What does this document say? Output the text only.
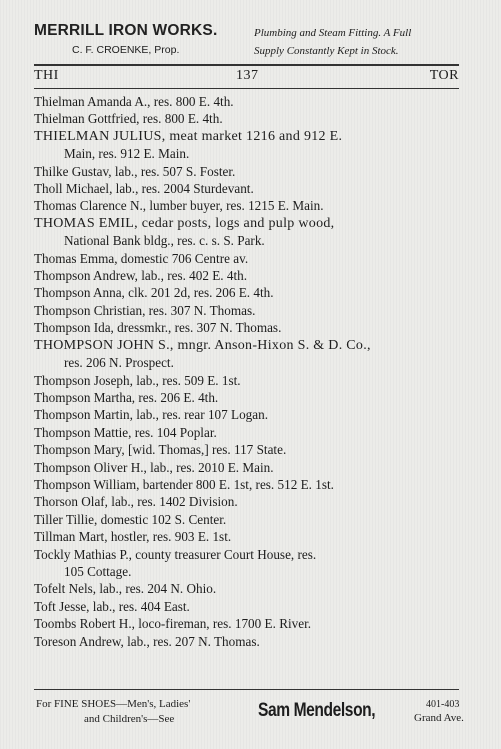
MERRILL IRON WORKS.
C. F. CROENKE, Prop.
Plumbing and Steam Fitting. A Full
Supply Constantly Kept in Stock.
THI	137	TOR
Thielman Amanda A., res. 800 E. 4th.
Thielman Gottfried, res. 800 E. 4th.
THIELMAN JULIUS, meat market 1216 and 912 E.
Main, res. 912 E. Main.
Thilke Gustav, lab., res. 507 S. Foster.
Tholl Michael, lab., res. 2004 Sturdevant.
Thomas Clarence N., lumber buyer, res. 1215 E. Main.
THOMAS EMIL, cedar posts, logs and pulp wood,
National Bank bldg., res. c. s. S. Park.
Thomas Emma, domestic 706 Centre av.
Thompson Andrew, lab., res. 402 E. 4th.
Thompson Anna, clk. 201 2d, res. 206 E. 4th.
Thompson Christian, res. 307 N. Thomas.
Thompson Ida, dressmkr., res. 307 N. Thomas.
THOMPSON JOHN S., mngr. Anson-Hixon S. & D. Co.,
res. 206 N. Prospect.
Thompson Joseph, lab., res. 509 E. 1st.
Thompson Martha, res. 206 E. 4th.
Thompson Martin, lab., res. rear 107 Logan.
Thompson Mattie, res. 104 Poplar.
Thompson Mary, [wid. Thomas,] res. 117 State.
Thompson Oliver H., lab., res. 2010 E. Main.
Thompson William, bartender 800 E. 1st, res. 512 E. 1st.
Thorson Olaf, lab., res. 1402 Division.
Tiller Tillie, domestic 102 S. Center.
Tillman Mart, hostler, res. 903 E. 1st.
Tockly Mathias P., county treasurer Court House, res.
105 Cottage.
Tofelt Nels, lab., res. 204 N. Ohio.
Toft Jesse, lab., res. 404 East.
Toombs Robert H., loco-fireman, res. 1700 E. River.
Toreson Andrew, lab., res. 207 N. Thomas.
For FINE SHOES—Men's, Ladies'
and Children's—See	Sam Mendelson,	401-403
Grand Ave.
